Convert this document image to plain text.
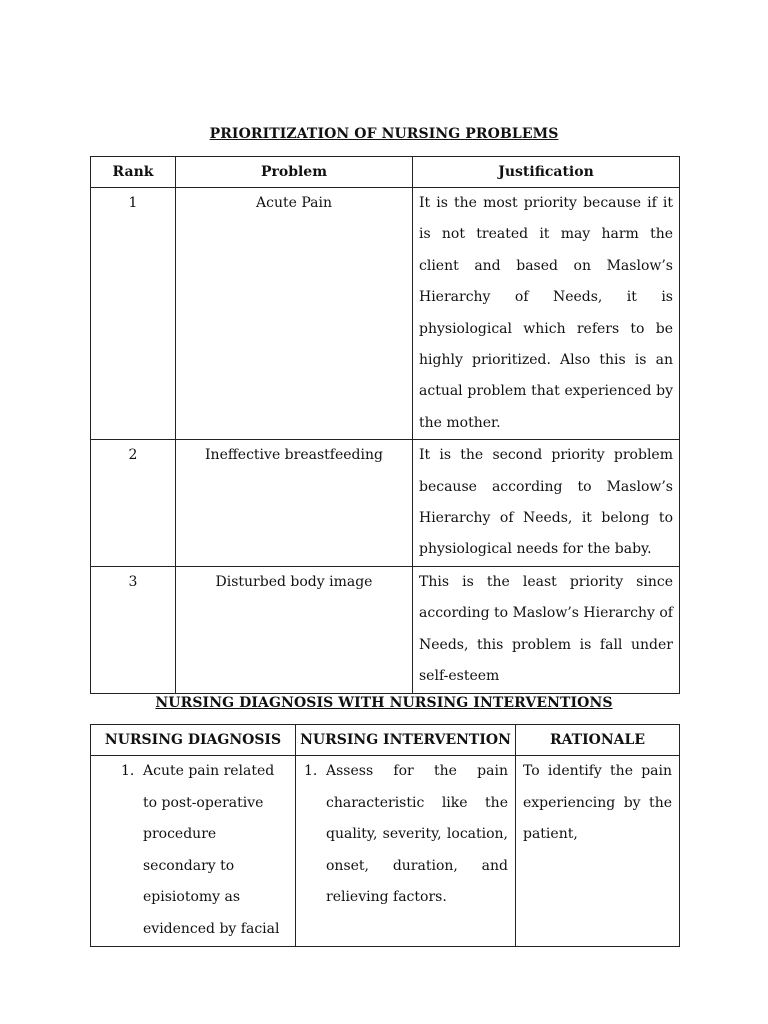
PRIORITIZATION OF NURSING PROBLEMS
Rank	Problem	Justification
1	Acute Pain	It is the most priority because if it is not treated it may harm the client and based on Maslow’s Hierarchy of Needs, it is physiological which refers to be highly prioritized. Also this is an actual problem that experienced by the mother.
2	Ineffective breastfeeding	It is the second priority problem because according to Maslow’s Hierarchy of Needs, it belong to physiological needs for the baby.
3	Disturbed body image	This is the least priority since according to Maslow’s Hierarchy of Needs, this problem is fall under self-esteem
NURSING DIAGNOSIS WITH NURSING INTERVENTIONS
NURSING DIAGNOSIS	NURSING INTERVENTION	RATIONALE

1. Acute pain related to post-operative procedure secondary to episiotomy as evidenced by facial	1. Assess for the pain characteristic like the quality, severity, location, onset, duration, and relieving factors.	To identify the pain experiencing by the patient,
